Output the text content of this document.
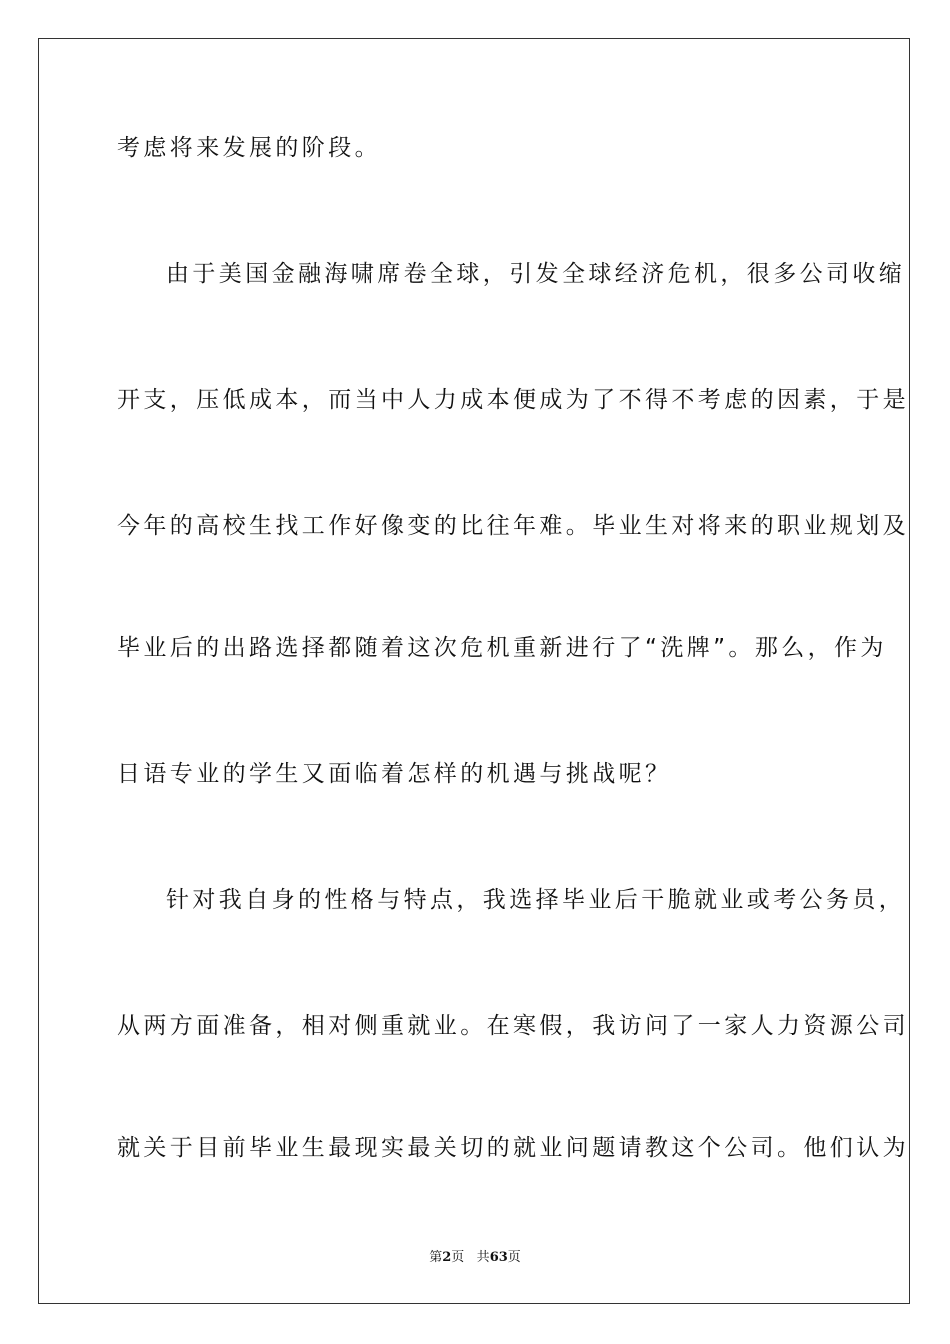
考虑将来发展的阶段。
由于美国金融海啸席卷全球，引发全球经济危机，很多公司收缩
开支，压低成本，而当中人力成本便成为了不得不考虑的因素，于是
今年的高校生找工作好像变的比往年难。毕业生对将来的职业规划及
毕业后的出路选择都随着这次危机重新进行了“洗牌”。那么，作为
日语专业的学生又面临着怎样的机遇与挑战呢？
针对我自身的性格与特点，我选择毕业后干脆就业或考公务员，
从两方面准备，相对侧重就业。在寒假，我访问了一家人力资源公司
就关于目前毕业生最现实最关切的就业问题请教这个公司。他们认为
第2页 共63页
